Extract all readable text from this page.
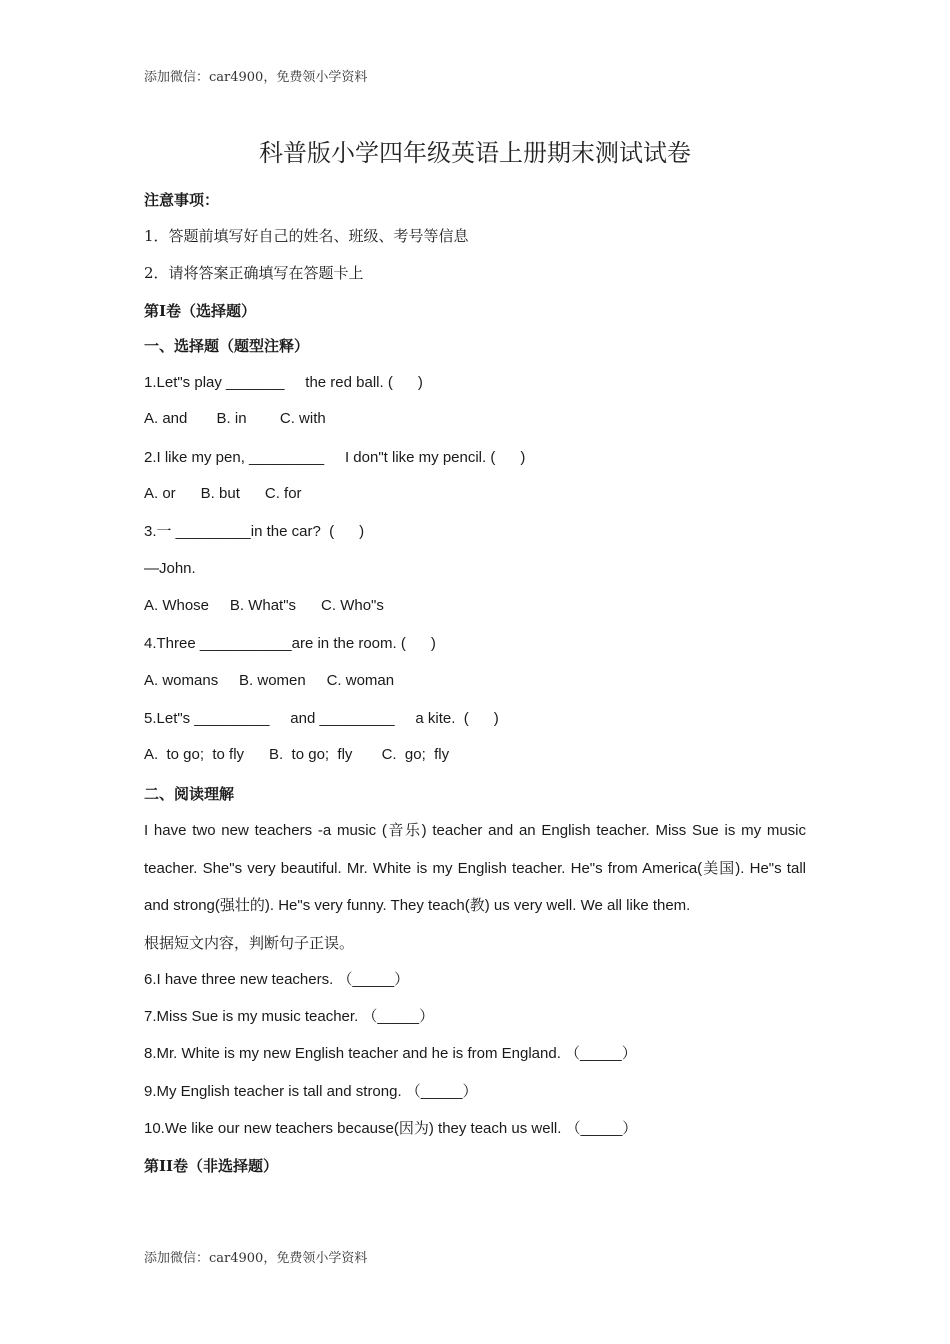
添加微信：car4900，免费领小学资料
科普版小学四年级英语上册期末测试试卷
注意事项：
1．答题前填写好自己的姓名、班级、考号等信息
2．请将答案正确填写在答题卡上
第I卷（选择题）
一、选择题（题型注释）
1.Let"s play _______     the red ball. (      )
A. and       B. in        C. with
2.I like my pen, _________     I don"t like my pencil. (      )
A. or      B. but      C. for
3.一 _________in the car?  (      )
—John.
A. Whose     B. What"s      C. Who"s
4.Three ___________are in the room. (      )
A. womans     B. women     C. woman
5.Let"s _________     and _________     a kite.  (      )
A.  to go;  to fly      B.  to go;  fly       C.  go;  fly
二、阅读理解
I have two new teachers -a music (音乐) teacher and an English teacher. Miss Sue is my music teacher. She"s very beautiful. Mr. White is my English teacher. He"s from America(美国). He"s tall and strong(强壮的). He"s very funny. They teach(教) us very well. We all like them.
根据短文内容，判断句子正误。
6.I have three new teachers. （_____）
7.Miss Sue is my music teacher. （_____）
8.Mr. White is my new English teacher and he is from England. （_____）
9.My English teacher is tall and strong. （_____）
10.We like our new teachers because(因为) they teach us well. （_____）
第II卷（非选择题）
添加微信：car4900，免费领小学资料
